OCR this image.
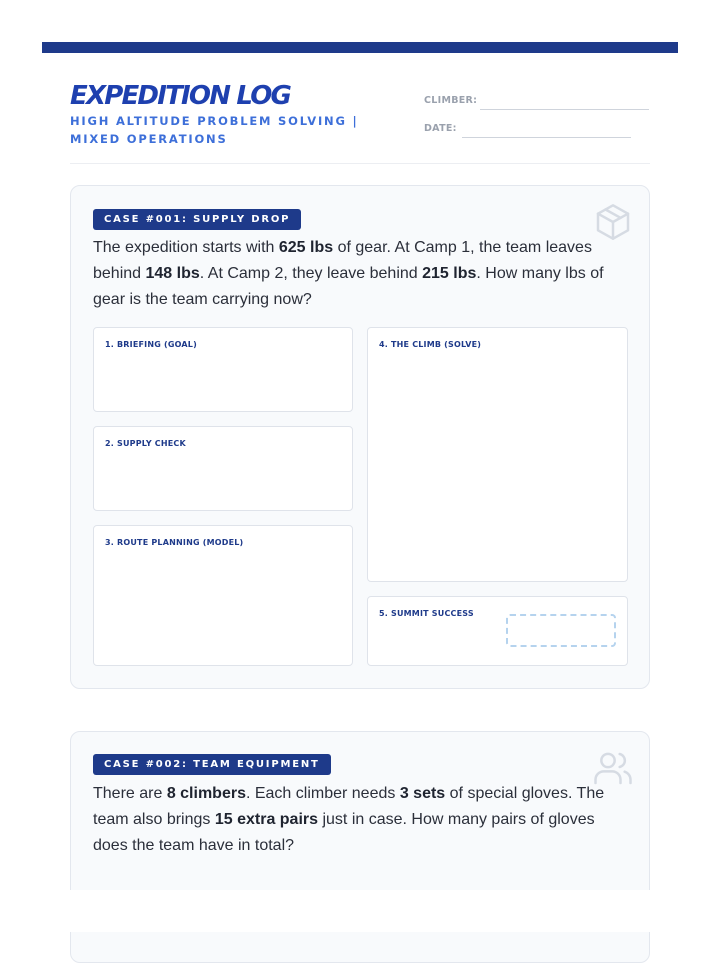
EXPEDITION LOG
HIGH ALTITUDE PROBLEM SOLVING | MIXED OPERATIONS
CLIMBER:
DATE:
CASE #001: SUPPLY DROP

The expedition starts with 625 lbs of gear. At Camp 1, the team leaves behind 148 lbs. At Camp 2, they leave behind 215 lbs. How many lbs of gear is the team carrying now?

1. BRIEFING (GOAL)
2. SUPPLY CHECK
3. ROUTE PLANNING (MODEL)
4. THE CLIMB (SOLVE)
5. SUMMIT SUCCESS
CASE #002: TEAM EQUIPMENT

There are 8 climbers. Each climber needs 3 sets of special gloves. The team also brings 15 extra pairs just in case. How many pairs of gloves does the team have in total?
